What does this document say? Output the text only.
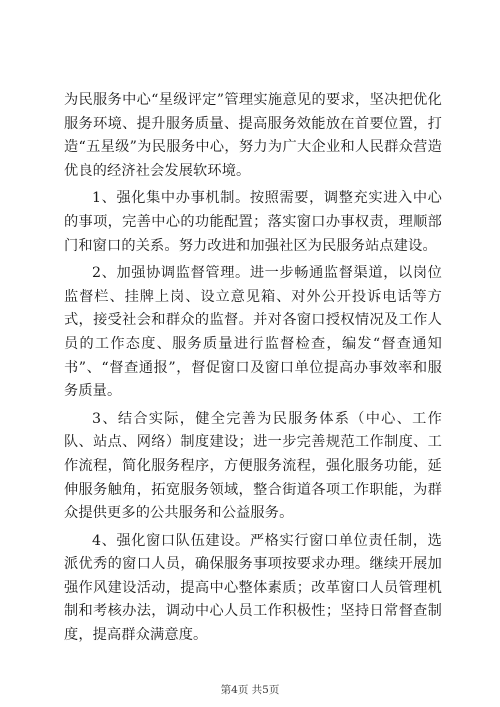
为民服务中心“星级评定”管理实施意见的要求，坚决把优化服务环境、提升服务质量、提高服务效能放在首要位置，打造“五星级”为民服务中心，努力为广大企业和人民群众营造优良的经济社会发展软环境。

1、强化集中办事机制。按照需要，调整充实进入中心的事项，完善中心的功能配置；落实窗口办事权责，理顺部门和窗口的关系。努力改进和加强社区为民服务站点建设。

2、加强协调监督管理。进一步畅通监督渠道，以岗位监督栏、挂牌上岗、设立意见箱、对外公开投诉电话等方式，接受社会和群众的监督。并对各窗口授权情况及工作人员的工作态度、服务质量进行监督检查，编发“督查通知书”、“督查通报”，督促窗口及窗口单位提高办事效率和服务质量。

3、结合实际，健全完善为民服务体系（中心、工作队、站点、网络）制度建设；进一步完善规范工作制度、工作流程，简化服务程序，方便服务流程，强化服务功能，延伸服务触角，拓宽服务领域，整合街道各项工作职能，为群众提供更多的公共服务和公益服务。

4、强化窗口队伍建设。严格实行窗口单位责任制，选派优秀的窗口人员，确保服务事项按要求办理。继续开展加强作风建设活动，提高中心整体素质；改革窗口人员管理机制和考核办法，调动中心人员工作积极性；坚持日常督查制度，提高群众满意度。

第4页 共5页
